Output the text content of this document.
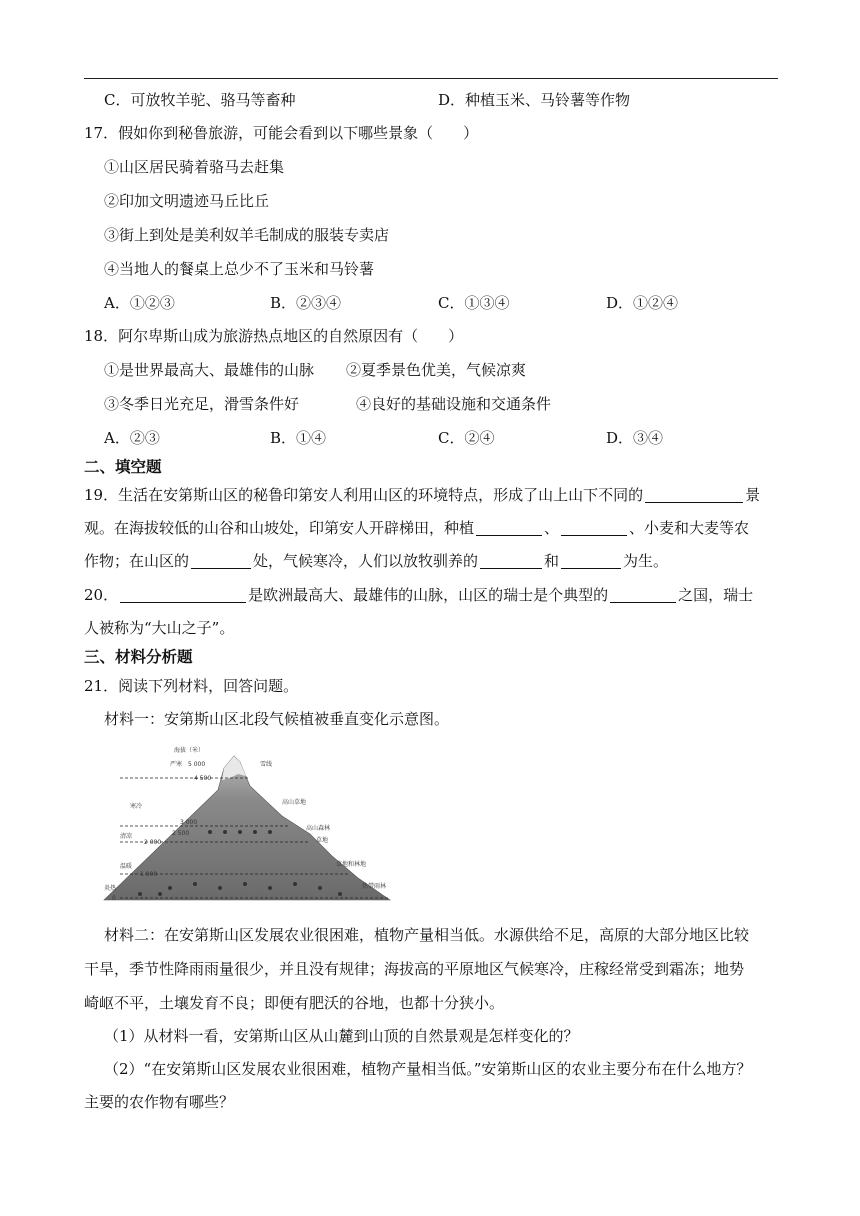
C．可放牧羊驼、骆马等畜种	D．种植玉米、马铃薯等作物
17．假如你到秘鲁旅游，可能会看到以下哪些景象（　　）
①山区居民骑着骆马去赶集
②印加文明遗迹马丘比丘
③街上到处是美利奴羊毛制成的服装专卖店
④当地人的餐桌上总少不了玉米和马铃薯
A．①②③	B．②③④	C．①③④	D．①②④
18．阿尔卑斯山成为旅游热点地区的自然原因有（　　）
①是世界最高大、最雄伟的山脉 ②夏季景色优美，气候凉爽
③冬季日光充足，滑雪条件好	④良好的基础设施和交通条件
A．②③	B．①④	C．②④	D．③④
二、填空题
19．生活在安第斯山区的秘鲁印第安人利用山区的环境特点，形成了山上山下不同的	景
观。在海拔较低的山谷和山坡处，印第安人开辟梯田，种植	、	、小麦和大麦等农
作物；在山区的	处，气候寒冷，人们以放牧驯养的	和	为生。
20．	是欧洲最高大、最雄伟的山脉，山区的瑞士是个典型的	之国，瑞士
人被称为“大山之子”。
三、材料分析题
21．阅读下列材料，回答问题。
材料一：安第斯山区北段气候植被垂直变化示意图。
海拔（米）
5 000
4 500
3 000
2 500
2 000
1 000
0
严寒
寒冷
清凉
温暖
炎热
雪线
高山草地
高山森林
草地
草地和林地
热带雨林
材料二：在安第斯山区发展农业很困难，植物产量相当低。水源供给不足，高原的大部分地区比较
干旱，季节性降雨雨量很少，并且没有规律；海拔高的平原地区气候寒冷，庄稼经常受到霜冻；地势
崎岖不平，土壤发育不良；即便有肥沃的谷地，也都十分狭小。
（1）从材料一看，安第斯山区从山麓到山顶的自然景观是怎样变化的？
（2）“在安第斯山区发展农业很困难，植物产量相当低。”安第斯山区的农业主要分布在什么地方？
主要的农作物有哪些？
